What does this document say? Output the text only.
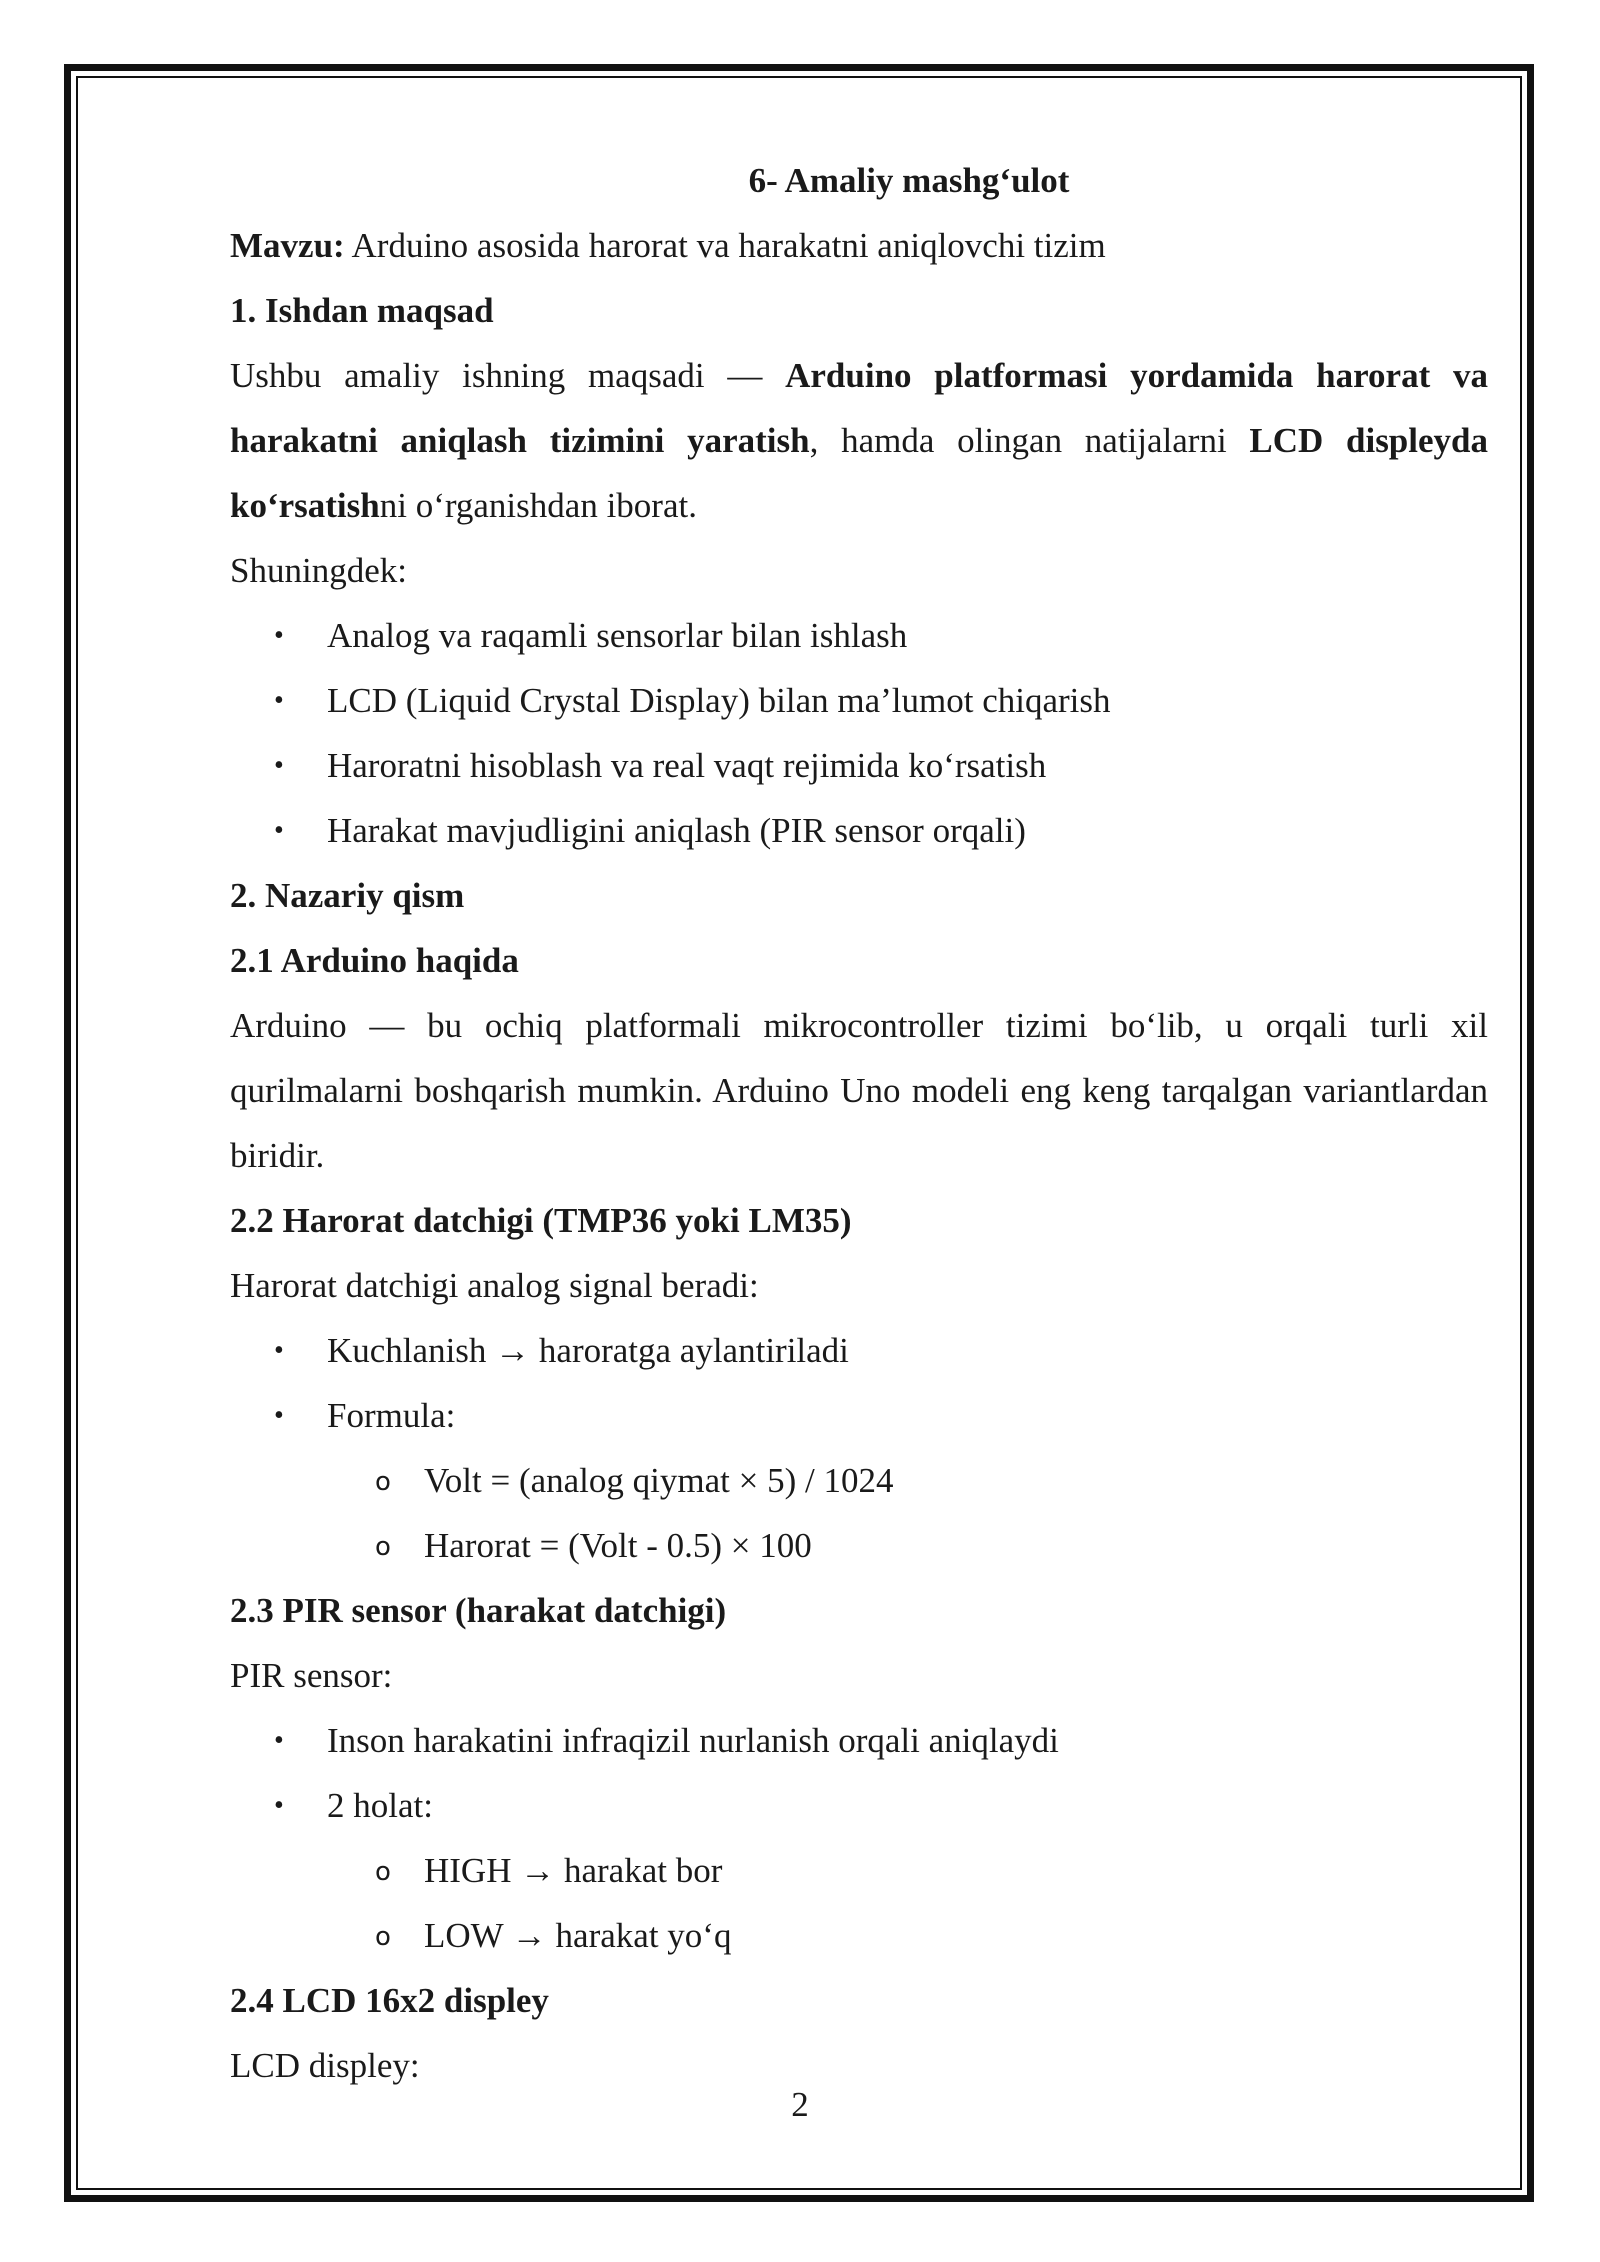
6- Amaliy mashg‘ulot

Mavzu: Arduino asosida harorat va harakatni aniqlovchi tizim

1. Ishdan maqsad

Ushbu amaliy ishning maqsadi — Arduino platformasi yordamida harorat va harakatni aniqlash tizimini yaratish, hamda olingan natijalarni LCD displeyda ko‘rsatishni o‘rganishdan iborat.

Shuningdek:

• Analog va raqamli sensorlar bilan ishlash
• LCD (Liquid Crystal Display) bilan ma’lumot chiqarish
• Haroratni hisoblash va real vaqt rejimida ko‘rsatish
• Harakat mavjudligini aniqlash (PIR sensor orqali)

2. Nazariy qism

2.1 Arduino haqida

Arduino — bu ochiq platformali mikrocontroller tizimi bo‘lib, u orqali turli xil qurilmalarni boshqarish mumkin. Arduino Uno modeli eng keng tarqalgan variantlardan biridir.

2.2 Harorat datchigi (TMP36 yoki LM35)

Harorat datchigi analog signal beradi:

• Kuchlanish → haroratga aylantiriladi
• Formula:
o Volt = (analog qiymat × 5) / 1024
o Harorat = (Volt - 0.5) × 100

2.3 PIR sensor (harakat datchigi)

PIR sensor:

• Inson harakatini infraqizil nurlanish orqali aniqlaydi
• 2 holat:
o HIGH → harakat bor
o LOW → harakat yo‘q

2.4 LCD 16x2 displey

LCD displey:

2
